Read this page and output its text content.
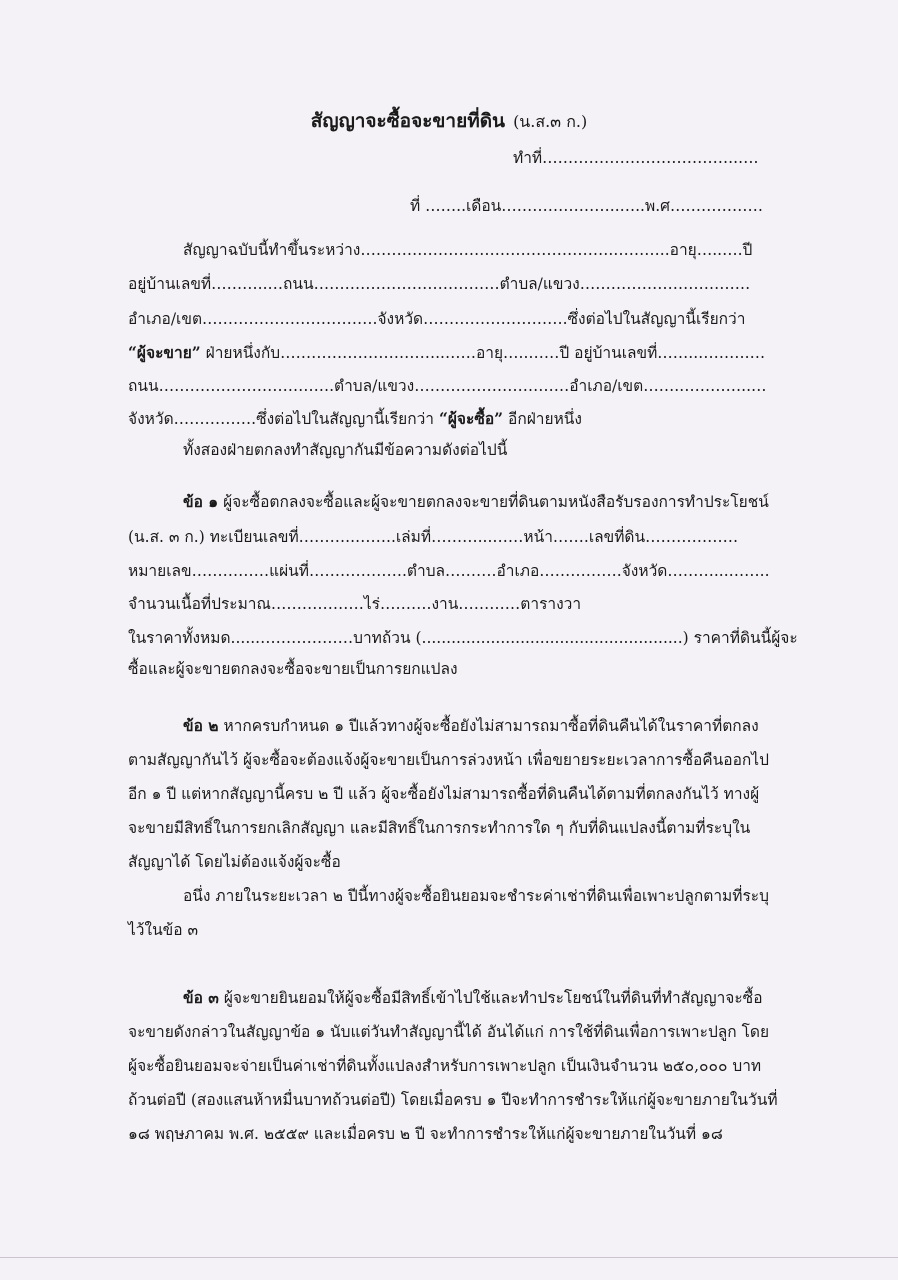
สัญญาจะซื้อจะขายที่ดิน (น.ส.๓ ก.)
ทำที่………………………………..….
ที่ ……..เดือน…………………..…..พ.ศ………………
สัญญาฉบับนี้ทำขึ้นระหว่าง………………………………………….………..อายุ…..….ปี
อยู่บ้านเลขที่………..…ถนน………………………………ตำบล/แขวง……………………………
อำเภอ/เขต…………………………….จังหวัด……………………….ซึ่งต่อไปในสัญญานี้เรียกว่า
“ผู้จะขาย” ฝ่ายหนึ่งกับ…………………………..……อายุ…..……ปี อยู่บ้านเลขที่……..……….…
ถนน…………………………….ตำบล/แขวง…………………………อำเภอ/เขต…….…………..…
จังหวัด…………….ซึ่งต่อไปในสัญญานี้เรียกว่า “ผู้จะซื้อ” อีกฝ่ายหนึ่ง
ทั้งสองฝ่ายตกลงทำสัญญากันมีข้อความดังต่อไปนี้
ข้อ ๑ ผู้จะซื้อตกลงจะซื้อและผู้จะขายตกลงจะขายที่ดินตามหนังสือรับรองการทำประโยชน์
(น.ส. ๓ ก.) ทะเบียนเลขที่………..……..เล่มที่………...……หน้า…….เลขที่ดิน………………
หมายเลข……………แผ่นที่……………….ตำบล……….อำเภอ…………….จังหวัด………...……..
จำนวนเนื้อที่ประมาณ………………ไร่……….งาน…………ตารางวา
ในราคาทั้งหมด......………………บาทถ้วน (.....................................................) ราคาที่ดินนี้ผู้จะ
ซื้อและผู้จะขายตกลงจะซื้อจะขายเป็นการยกแปลง
ข้อ ๒ หากครบกำหนด ๑ ปีแล้วทางผู้จะซื้อยังไม่สามารถมาซื้อที่ดินคืนได้ในราคาที่ตกลง
ตามสัญญากันไว้ ผู้จะซื้อจะต้องแจ้งผู้จะขายเป็นการล่วงหน้า เพื่อขยายระยะเวลาการซื้อคืนออกไป
อีก ๑ ปี แต่หากสัญญานี้ครบ ๒ ปี แล้ว ผู้จะซื้อยังไม่สามารถซื้อที่ดินคืนได้ตามที่ตกลงกันไว้ ทางผู้
จะขายมีสิทธิ์ในการยกเลิกสัญญา และมีสิทธิ์ในการกระทำการใด ๆ กับที่ดินแปลงนี้ตามที่ระบุใน
สัญญาได้ โดยไม่ต้องแจ้งผู้จะซื้อ
อนึ่ง ภายในระยะเวลา ๒ ปีนี้ทางผู้จะซื้อยินยอมจะชำระค่าเช่าที่ดินเพื่อเพาะปลูกตามที่ระบุ
ไว้ในข้อ ๓
ข้อ ๓ ผู้จะขายยินยอมให้ผู้จะซื้อมีสิทธิ์เข้าไปใช้และทำประโยชน์ในที่ดินที่ทำสัญญาจะซื้อ
จะขายดังกล่าวในสัญญาข้อ ๑ นับแต่วันทำสัญญานี้ได้ อันได้แก่ การใช้ที่ดินเพื่อการเพาะปลูก โดย
ผู้จะซื้อยินยอมจะจ่ายเป็นค่าเช่าที่ดินทั้งแปลงสำหรับการเพาะปลูก เป็นเงินจำนวน ๒๕๐,๐๐๐ บาท
ถ้วนต่อปี (สองแสนห้าหมื่นบาทถ้วนต่อปี) โดยเมื่อครบ ๑ ปีจะทำการชำระให้แก่ผู้จะขายภายในวันที่
๑๘ พฤษภาคม พ.ศ. ๒๕๕๙ และเมื่อครบ ๒ ปี จะทำการชำระให้แก่ผู้จะขายภายในวันที่ ๑๘
